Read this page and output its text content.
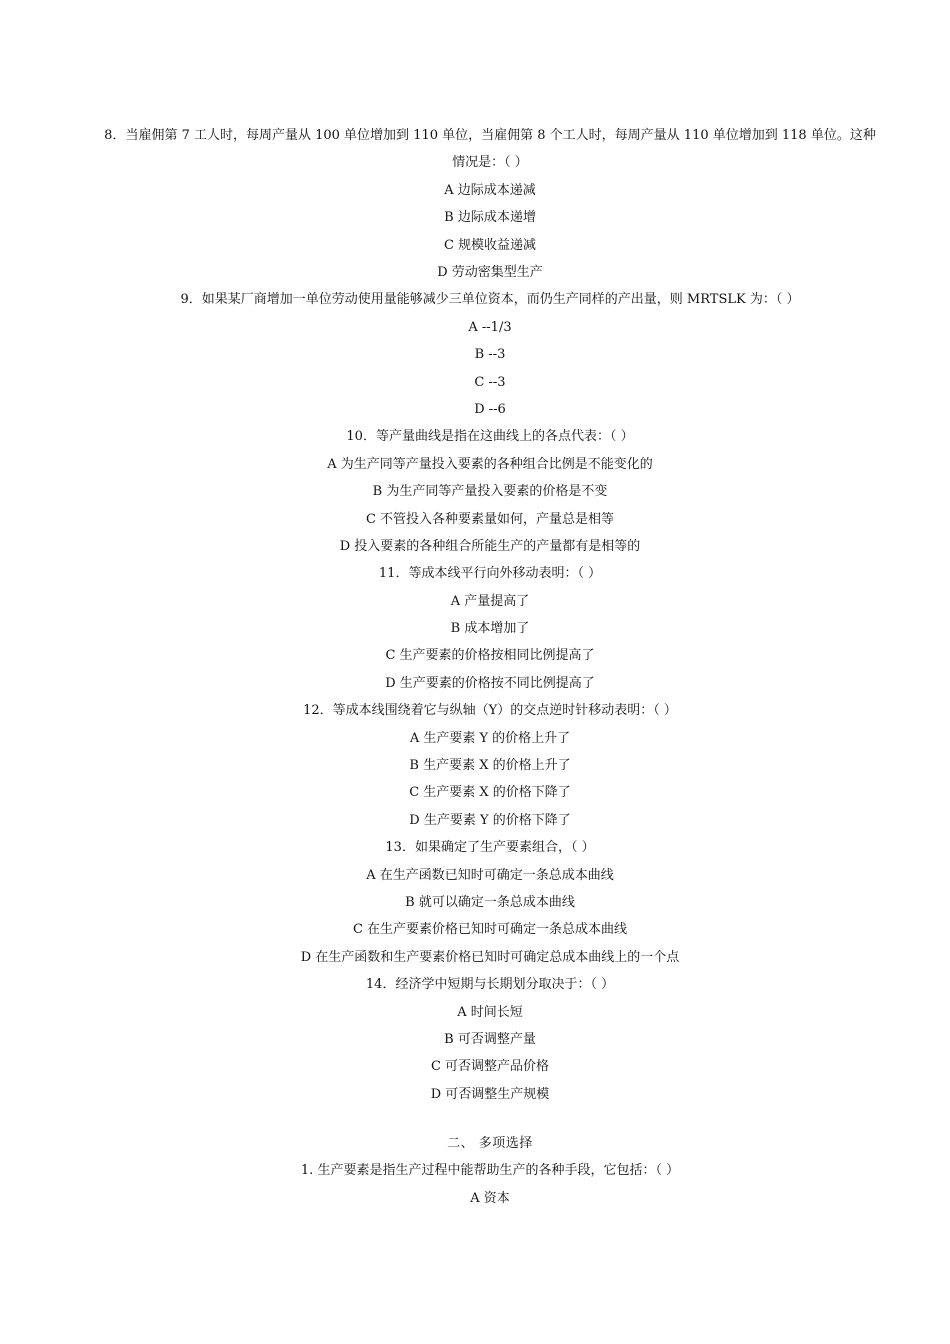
8．当雇佣第 7 工人时，每周产量从 100 单位增加到 110 单位，当雇佣第 8 个工人时，每周产量从 110 单位增加到 118 单位。这种情况是：（ ）
A 边际成本递减
B 边际成本递增
C 规模收益递减
D 劳动密集型生产
9．如果某厂商增加一单位劳动使用量能够减少三单位资本，而仍生产同样的产出量，则 MRTSLK 为：（ ）
A --1/3
B --3
C --3
D --6
10．等产量曲线是指在这曲线上的各点代表：（ ）
A 为生产同等产量投入要素的各种组合比例是不能变化的
B 为生产同等产量投入要素的价格是不变
C 不管投入各种要素量如何，产量总是相等
D 投入要素的各种组合所能生产的产量都有是相等的
11．等成本线平行向外移动表明：（ ）
A 产量提高了
B 成本增加了
C 生产要素的价格按相同比例提高了
D 生产要素的价格按不同比例提高了
12．等成本线围绕着它与纵轴（Y）的交点逆时针移动表明：（ ）
A 生产要素 Y 的价格上升了
B 生产要素 X 的价格上升了
C 生产要素 X 的价格下降了
D 生产要素 Y 的价格下降了
13．如果确定了生产要素组合，（ ）
A 在生产函数已知时可确定一条总成本曲线
B 就可以确定一条总成本曲线
C 在生产要素价格已知时可确定一条总成本曲线
D 在生产函数和生产要素价格已知时可确定总成本曲线上的一个点
14．经济学中短期与长期划分取决于：（ ）
A 时间长短
B 可否调整产量
C 可否调整产品价格
D 可否调整生产规模
二、 多项选择
1. 生产要素是指生产过程中能帮助生产的各种手段，它包括：（ ）
A 资本
